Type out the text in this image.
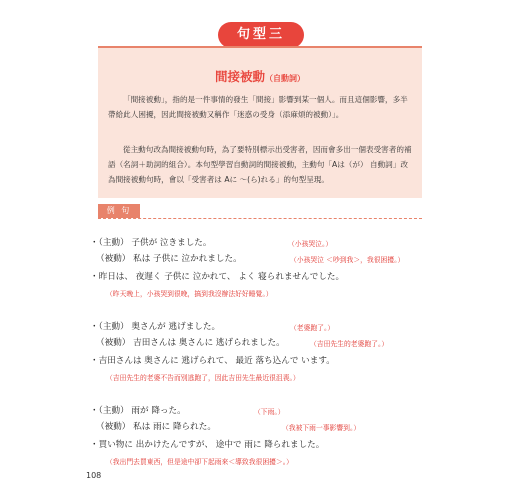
句型三
間接被動（自動詞）
「間接被動」，指的是一件事情的發生「間接」影響到某一個人。而且這個影響，多半帶給此人困擾，因此間接被動又稱作「迷惑の受身（添麻煩的被動）」。
從主動句改為間接被動句時，為了要特別標示出受害者，因而會多出一個表受害者的補語（名詞＋助詞的組合）。本句型學習自動詞的間接被動，主動句「Aは（が） 自動詞」改為間接被動句時，會以「受害者は Aに ～(ら)れる」的句型呈現。
例 句
・（主動） 子供が 泣きました。	（小孩哭泣。）
（被動） 私は 子供に 泣かれました。	（小孩哭泣 ＜吵到我＞，我很困擾。）
・昨日は、 夜遅く 子供に 泣かれて、 よく 寝られませんでした。
（昨天晚上，小孩哭到很晚，搞到我沒辦法好好睡覺。）
・（主動） 奥さんが 逃げました。	（老婆跑了。）
（被動） 吉田さんは 奥さんに 逃げられました。	（吉田先生的老婆跑了。）
・吉田さんは 奥さんに 逃げられて、 最近 落ち込んで います。
（吉田先生的老婆不告而別逃跑了，因此吉田先生最近很沮喪。）
・（主動） 雨が 降った。	（下雨。）
（被動） 私は 雨に 降られた。	（我被下雨一事影響到。）
・買い物に 出かけたんですが、 途中で 雨に 降られました。
（我出門去買東西，但是途中卻下起雨來＜導致我很困擾＞。）
108
